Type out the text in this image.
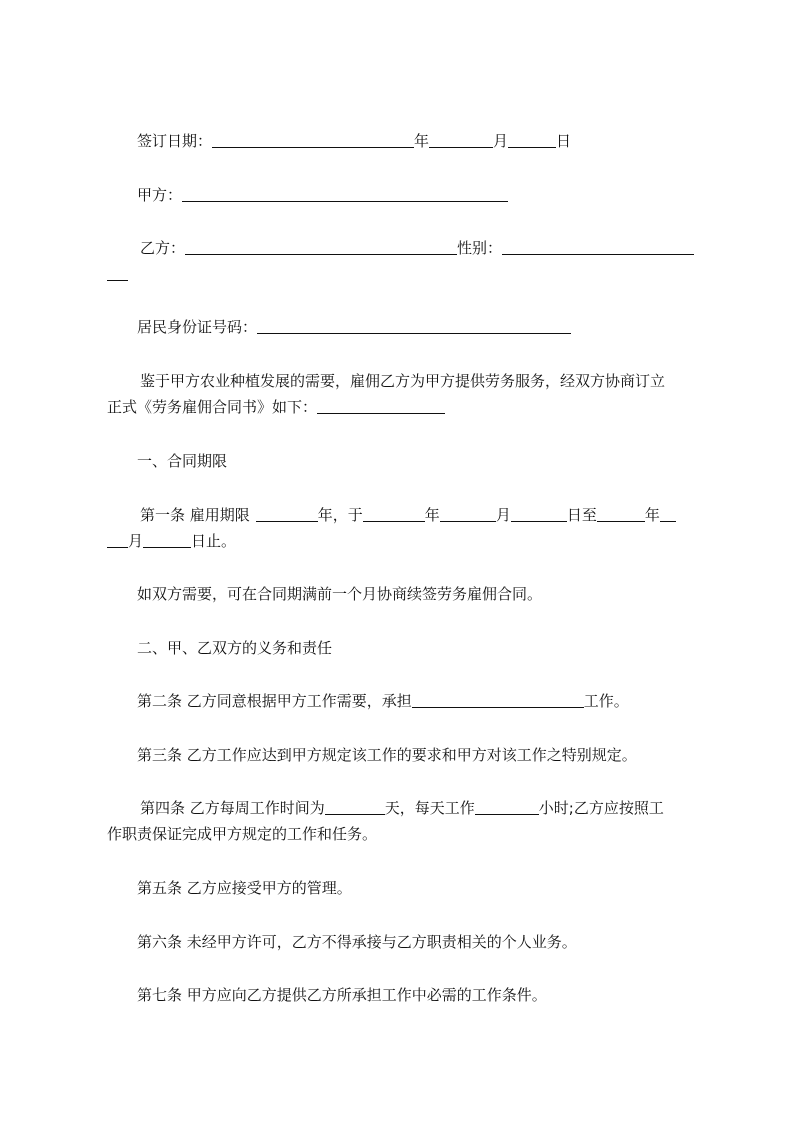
签订日期：	年	月	日
甲方：
乙方：	性别：
居民身份证号码：
鉴于甲方农业种植发展的需要，雇佣乙方为甲方提供劳务服务，经双方协商订立
正式《劳务雇佣合同书》如下：
一、合同期限
第一条 雇用期限	年，于	年	月	日至	年
月	日止。
如双方需要，可在合同期满前一个月协商续签劳务雇佣合同。
二、甲、乙双方的义务和责任
第二条 乙方同意根据甲方工作需要，承担	工作。
第三条 乙方工作应达到甲方规定该工作的要求和甲方对该工作之特别规定。
第四条 乙方每周工作时间为	天，每天工作	小时;乙方应按照工
作职责保证完成甲方规定的工作和任务。
第五条 乙方应接受甲方的管理。
第六条 未经甲方许可，乙方不得承接与乙方职责相关的个人业务。
第七条 甲方应向乙方提供乙方所承担工作中必需的工作条件。
